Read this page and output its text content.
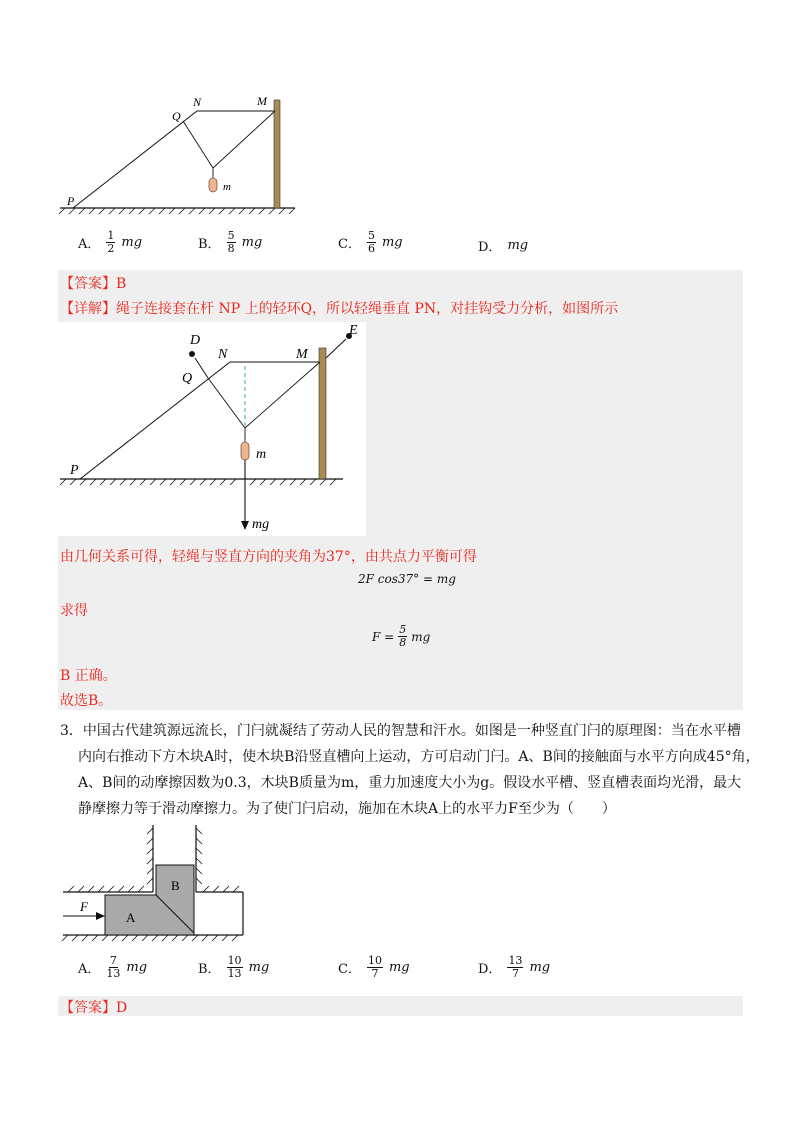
N	M
Q
P
m
A． $\frac{1}{2}$ mg	B． $\frac{5}{8}$ mg	C． $\frac{5}{6}$ mg	D． mg
【答案】B
【详解】绳子连接套在杆 NP 上的轻环Q，所以轻绳垂直 PN，对挂钩受力分析，如图所示
D
N	M
E
Q
P
m
mg
由几何关系可得，轻绳与竖直方向的夹角为37°，由共点力平衡可得
2F cos37° = mg
求得
$F = \frac{5}{8}$ mg
B 正确。
故选B。
3．中国古代建筑源远流长，门闩就凝结了劳动人民的智慧和汗水。如图是一种竖直门闩的原理图：当在水平槽
内向右推动下方木块A时，使木块B沿竖直槽向上运动，方可启动门闩。A、B间的接触面与水平方向成45°角，
A、B间的动摩擦因数为0.3，木块B质量为m，重力加速度大小为g。假设水平槽、竖直槽表面均光滑，最大
静摩擦力等于滑动摩擦力。为了使门闩启动，施加在木块A上的水平力F至少为（　　）
B
A
F
A． $\frac{7}{13}$ mg	B． $\frac{10}{13}$ mg	C． $\frac{10}{7}$ mg	D． $\frac{13}{7}$ mg
【答案】D
